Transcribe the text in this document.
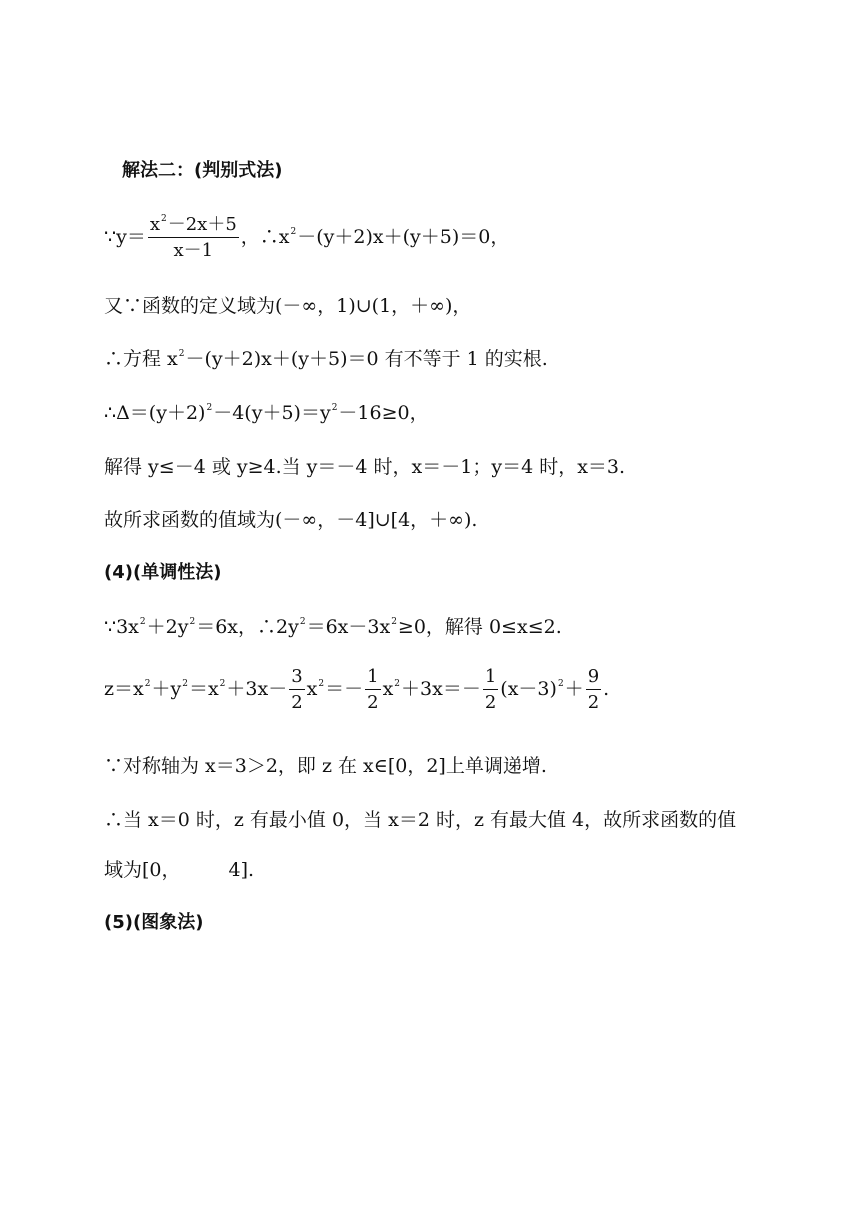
解法二：(判别式法)
∵y＝ $\frac{x^2-2x+5}{x-1}$ ，$\therefore x^2-(y+2)x+(y+5)=0$，
又∵函数的定义域为(－∞，1)∪(1，＋∞)，
∴方程 $x^2-(y+2)x+(y+5)=0$ 有不等于 1 的实根.
$\therefore\Delta=(y+2)^2-4(y+5)=y^2-16\ge 0$，
解得 y≤－4 或 y≥4.当 y＝－4 时，x＝－1；y＝4 时，x＝3.
故所求函数的值域为(－∞，－4]∪[4，＋∞).
(4)(单调性法)
$\because 3x^2+2y^2=6x$，$\therefore 2y^2=6x-3x^2\ge 0$，解得 0≤x≤2.
$z=x^2+y^2=x^2+3x- \frac{3}{2} x^2=- \frac{1}{2} x^2+3x=- \frac{1}{2} (x-3)^2+ \frac{9}{2}$ .
∵对称轴为 x＝3＞2，即 z 在 x∈[0，2]上单调递增.
∴当 x＝0 时，z 有最小值 0，当 x＝2 时，z 有最大值 4，故所求函数的值
域为[0，	4].
(5)(图象法)
